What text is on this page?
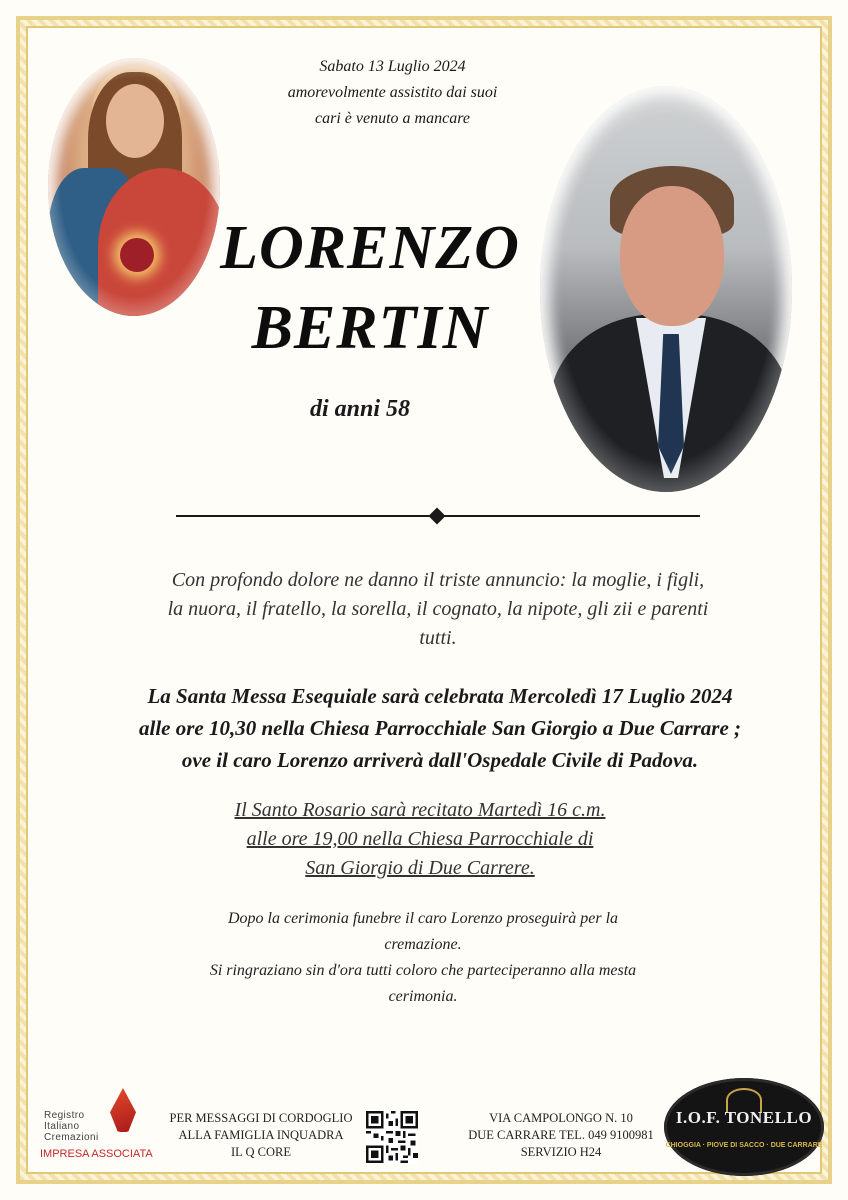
Sabato 13 Luglio 2024
amorevolmente assistito dai suoi
cari è venuto a mancare
LORENZO
BERTIN
di anni 58
Con profondo dolore ne danno il triste annuncio: la moglie, i figli,
la nuora, il fratello, la sorella, il cognato, la nipote, gli zii e parenti
tutti.
La Santa Messa Esequiale sarà celebrata Mercoledì 17 Luglio 2024
alle ore 10,30 nella Chiesa Parrocchiale San Giorgio a Due Carrare ;
ove il caro Lorenzo arriverà dall'Ospedale Civile di Padova.
Il Santo Rosario sarà recitato Martedì 16 c.m.
alle ore 19,00 nella Chiesa Parrocchiale di
San Giorgio di Due Carrere.
Dopo la cerimonia funebre il caro Lorenzo proseguirà per la
cremazione.
Si ringraziano sin d'ora tutti coloro che parteciperanno alla mesta
cerimonia.
Registro
Italiano
Cremazioni
IMPRESA ASSOCIATA
PER MESSAGGI DI CORDOGLIO
ALLA FAMIGLIA INQUADRA
IL Q CORE
VIA CAMPOLONGO N. 10
DUE CARRARE TEL. 049 9100981
SERVIZIO H24
I.O.F. TONELLO
CHIOGGIA · PIOVE DI SACCO · DUE CARRARE
